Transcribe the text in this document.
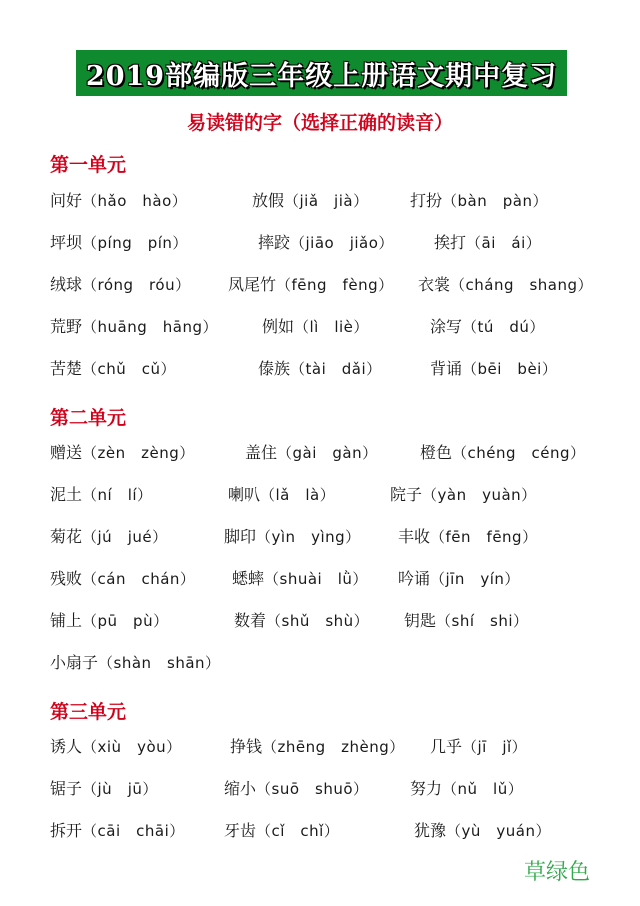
2019部编版三年级上册语文期中复习
易读错的字（选择正确的读音）
第一单元
问好（hǎo　hào）	放假（jiǎ　jià）	打扮（bàn　pàn）
坪坝（píng　pín）	摔跤（jiāo　jiǎo）	挨打（āi　ái）
绒球（róng　róu） 凤尾竹（fēng　fèng） 衣裳（cháng　shang）
荒野（huāng　hāng）	例如（lì　liè）	涂写（tú　dú）
苦楚（chǔ　cǔ）	傣族（tài　dǎi）	背诵（bēi　bèi）
第二单元
赠送（zèn　zèng）	盖住（gài　gàn）	橙色（chéng　céng）
泥土（ní　lí）	喇叭（lǎ　là）	院子（yàn　yuàn）
菊花（jú　jué）	脚印（yìn　yìng） 丰收（fēn　fēng）
残败（cán　chán） 蟋蟀（shuài　lǜ） 吟诵（jīn　yín）
铺上（pū　pù）	数着（shǔ　shù） 钥匙（shí　shi）
小扇子（shàn　shān）
第三单元
诱人（xiù　yòu）	挣钱（zhēng　zhèng） 几乎（jī　jǐ）
锯子（jù　jū）	缩小（suō　shuō）	努力（nǔ　lǔ）
拆开（cāi　chāi） 牙齿（cǐ　chǐ）	犹豫（yù　yuán）
草绿色
